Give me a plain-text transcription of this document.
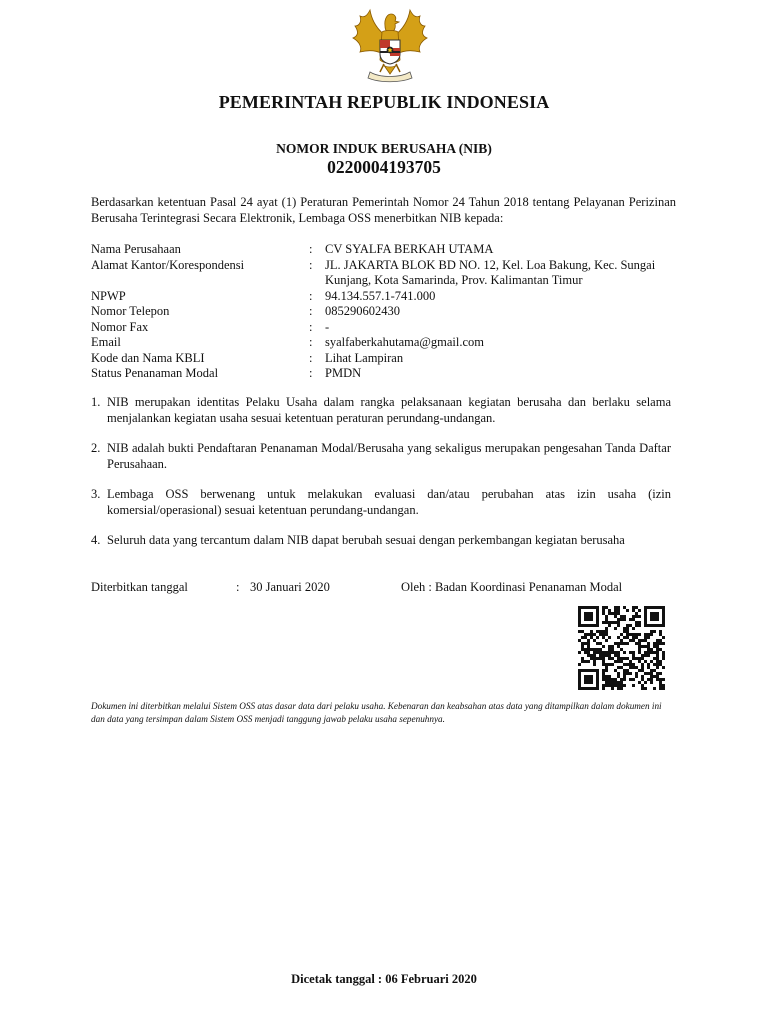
PEMERINTAH REPUBLIK INDONESIA
NOMOR INDUK BERUSAHA (NIB)
0220004193705

Berdasarkan ketentuan Pasal 24 ayat (1) Peraturan Pemerintah Nomor 24 Tahun 2018 tentang Pelayanan Perizinan Berusaha Terintegrasi Secara Elektronik, Lembaga OSS menerbitkan NIB kepada:

Nama Perusahaan	:	CV SYALFA BERKAH UTAMA
Alamat Kantor/Korespondensi	:	JL. JAKARTA BLOK BD NO. 12, Kel. Loa Bakung, Kec. Sungai Kunjang, Kota Samarinda, Prov. Kalimantan Timur
NPWP	:	94.134.557.1-741.000
Nomor Telepon	:	085290602430
Nomor Fax	:	-
Email	:	syalfaberkahutama@gmail.com
Kode dan Nama KBLI	:	Lihat Lampiran
Status Penanaman Modal	:	PMDN
1. NIB merupakan identitas Pelaku Usaha dalam rangka pelaksanaan kegiatan berusaha dan berlaku selama menjalankan kegiatan usaha sesuai ketentuan peraturan perundang-undangan.
2. NIB adalah bukti Pendaftaran Penanaman Modal/Berusaha yang sekaligus merupakan pengesahan Tanda Daftar Perusahaan.
3. Lembaga OSS berwenang untuk melakukan evaluasi dan/atau perubahan atas izin usaha (izin komersial/operasional) sesuai ketentuan perundang-undangan.
4. Seluruh data yang tercantum dalam NIB dapat berubah sesuai dengan perkembangan kegiatan berusaha
Diterbitkan tanggal	: 30 Januari 2020	Oleh : Badan Koordinasi Penanaman Modal

Dokumen ini diterbitkan melalui Sistem OSS atas dasar data dari pelaku usaha. Kebenaran dan keabsahan atas data yang ditampilkan dalam dokumen ini dan data yang tersimpan dalam Sistem OSS menjadi tanggung jawab pelaku usaha sepenuhnya.

Dicetak tanggal : 06 Februari 2020
